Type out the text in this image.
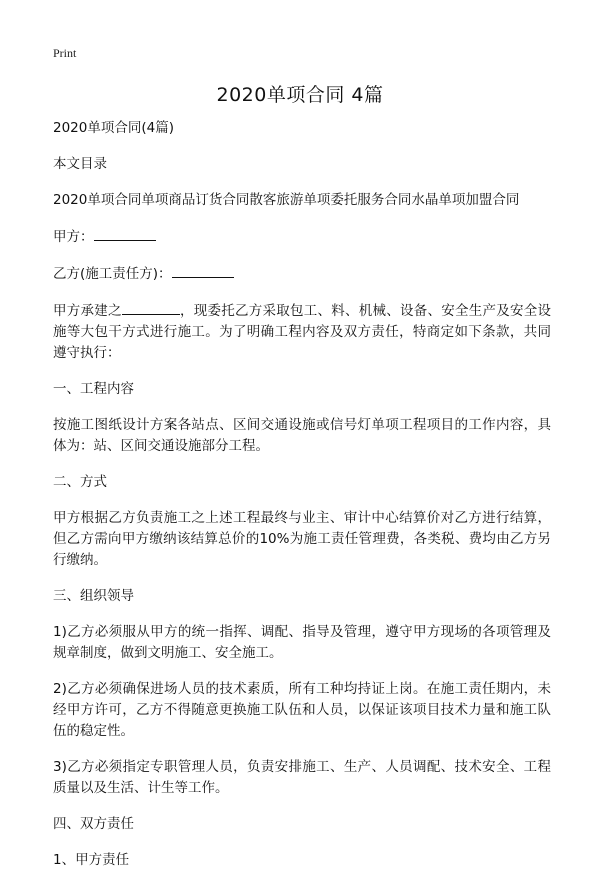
Print
2020单项合同 4篇

2020单项合同(4篇)

本文目录

2020单项合同单项商品订货合同散客旅游单项委托服务合同水晶单项加盟合同

甲方：

乙方(施工责任方)：

甲方承建之	，现委托乙方采取包工、料、机械、设备、安全生产及安全设施等大包干方式进行施工。为了明确工程内容及双方责任，特商定如下条款，共同遵守执行：

一、工程内容

按施工图纸设计方案各站点、区间交通设施或信号灯单项工程项目的工作内容，具体为：站、区间交通设施部分工程。

二、方式

甲方根据乙方负责施工之上述工程最终与业主、审计中心结算价对乙方进行结算，但乙方需向甲方缴纳该结算总价的10%为施工责任管理费，各类税、费均由乙方另行缴纳。

三、组织领导

1)乙方必须服从甲方的统一指挥、调配、指导及管理，遵守甲方现场的各项管理及规章制度，做到文明施工、安全施工。

2)乙方必须确保进场人员的技术素质，所有工种均持证上岗。在施工责任期内，未经甲方许可，乙方不得随意更换施工队伍和人员，以保证该项目技术力量和施工队伍的稳定性。

3)乙方必须指定专职管理人员，负责安排施工、生产、人员调配、技术安全、工程质量以及生活、计生等工作。

四、双方责任

1、甲方责任
